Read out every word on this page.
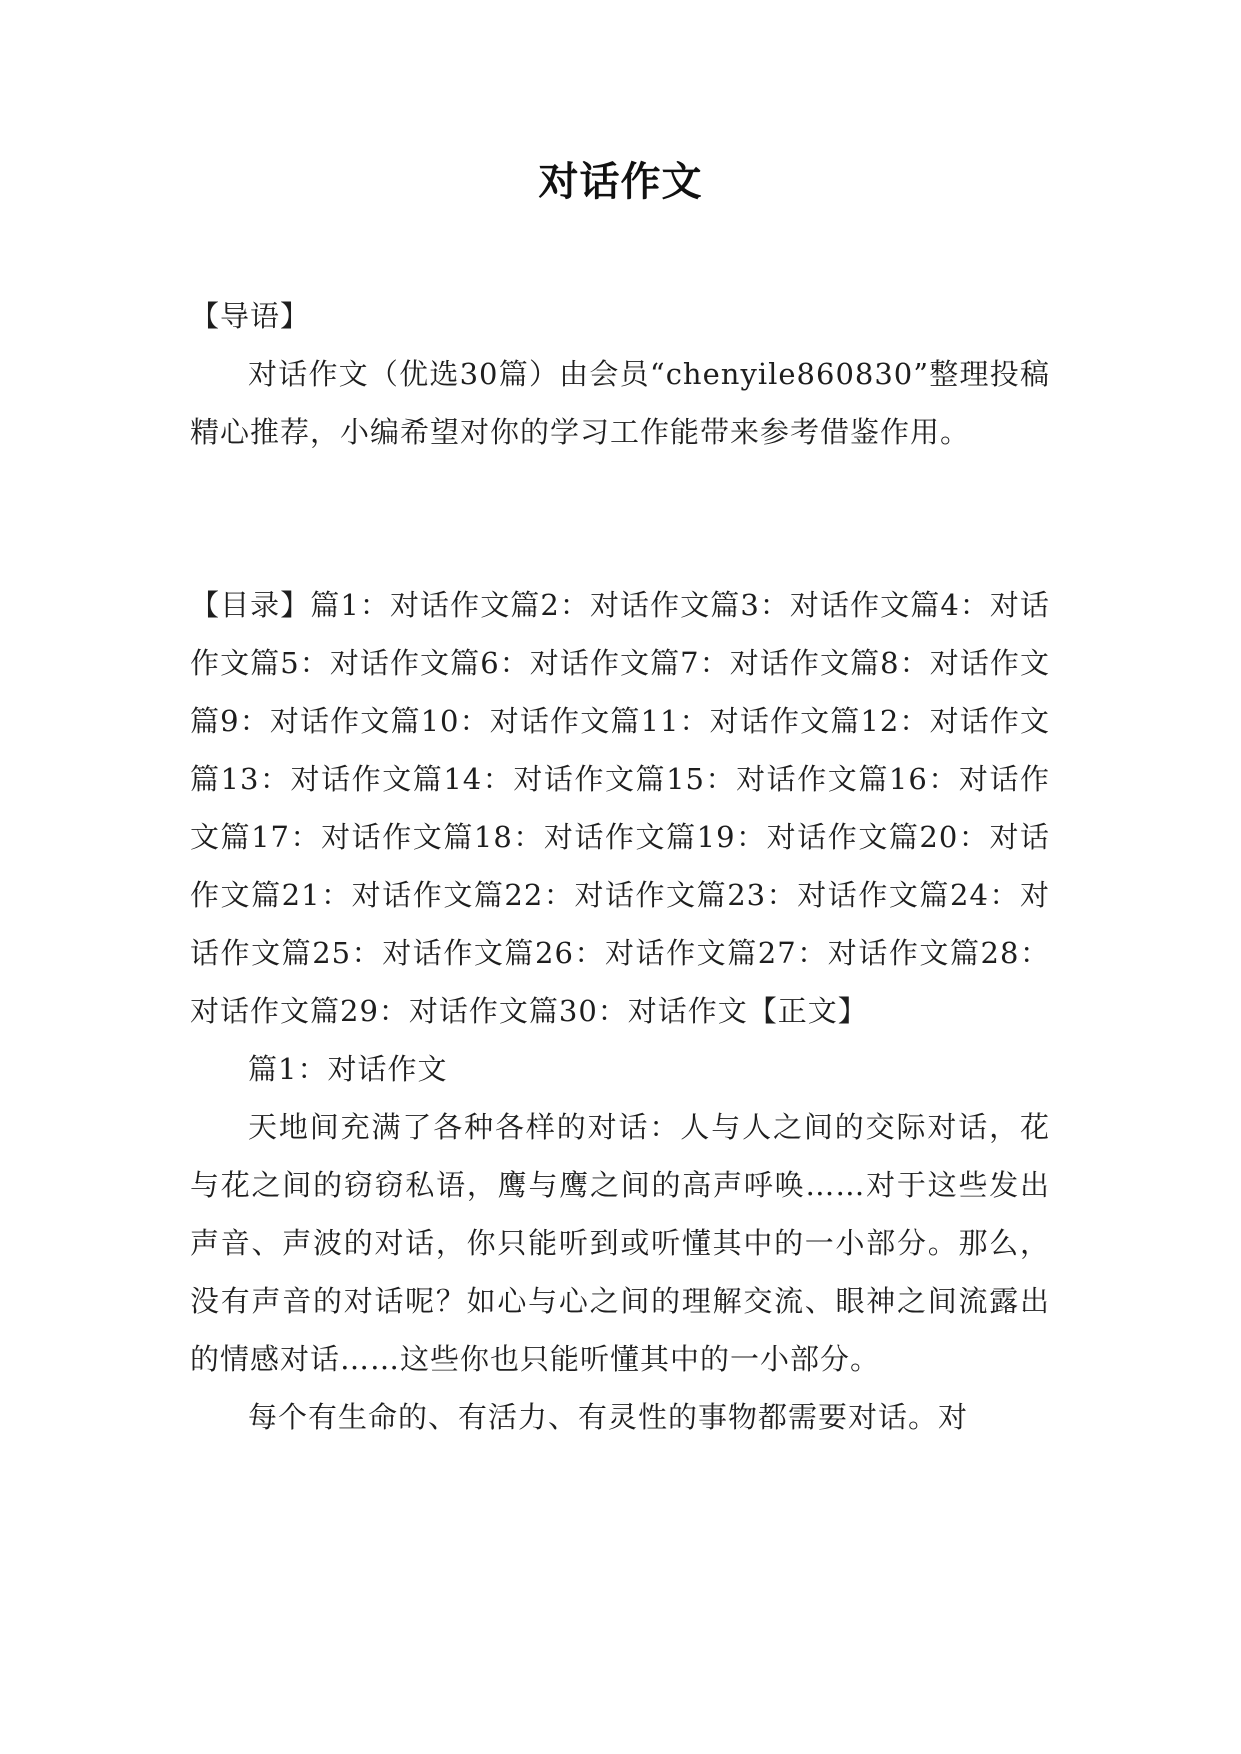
对话作文

【导语】

对话作文（优选30篇）由会员“chenyile860830”整理投稿精心推荐，小编希望对你的学习工作能带来参考借鉴作用。

【目录】篇1：对话作文篇2：对话作文篇3：对话作文篇4：对话作文篇5：对话作文篇6：对话作文篇7：对话作文篇8：对话作文篇9：对话作文篇10：对话作文篇11：对话作文篇12：对话作文篇13：对话作文篇14：对话作文篇15：对话作文篇16：对话作文篇17：对话作文篇18：对话作文篇19：对话作文篇20：对话作文篇21：对话作文篇22：对话作文篇23：对话作文篇24：对话作文篇25：对话作文篇26：对话作文篇27：对话作文篇28：对话作文篇29：对话作文篇30：对话作文【正文】

篇1：对话作文

天地间充满了各种各样的对话：人与人之间的交际对话，花与花之间的窃窃私语，鹰与鹰之间的高声呼唤……对于这些发出声音、声波的对话，你只能听到或听懂其中的一小部分。那么，没有声音的对话呢？如心与心之间的理解交流、眼神之间流露出的情感对话……这些你也只能听懂其中的一小部分。

每个有生命的、有活力、有灵性的事物都需要对话。对
